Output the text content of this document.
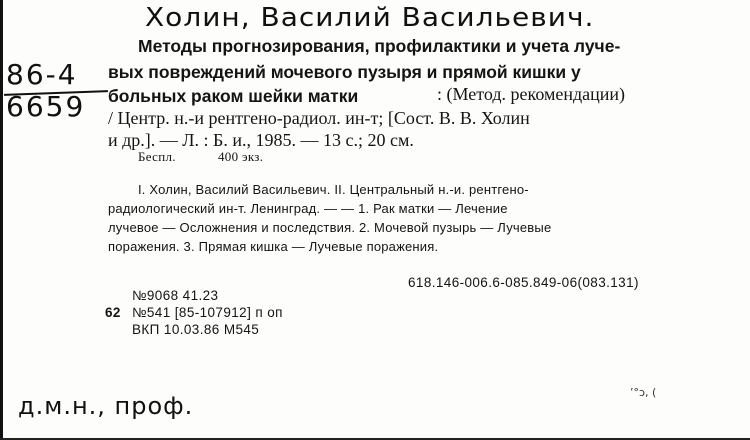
Холин, Василий Васильевич.
86-4
6659
Методы прогнозирования, профилактики и учета луче-
вых повреждений мочевого пузыря и прямой кишки у
больных раком шейки матки	: (Метод. рекомендации)
/ Центр. н.-и рентгено-радиол. ин-т; [Сост. В. В. Холин
и др.]. — Л. : Б. и., 1985. — 13 с.; 20 см.
Беспл.	400 экз.
I. Холин, Василий Васильевич. II. Центральный н.-и. рентгено-
радиологический ин-т. Ленинград. — — 1. Рак матки — Лечение
лучевое — Осложнения и последствия. 2. Мочевой пузырь — Лучевые
поражения. 3. Прямая кишка — Лучевые поражения.
618.146-006.6-085.849-06(083.131)
№9068 41.23
62 №541 [85-107912] п оп
ВКП 10.03.86 М545
д.м.н., проф.	’°ɔ, (
